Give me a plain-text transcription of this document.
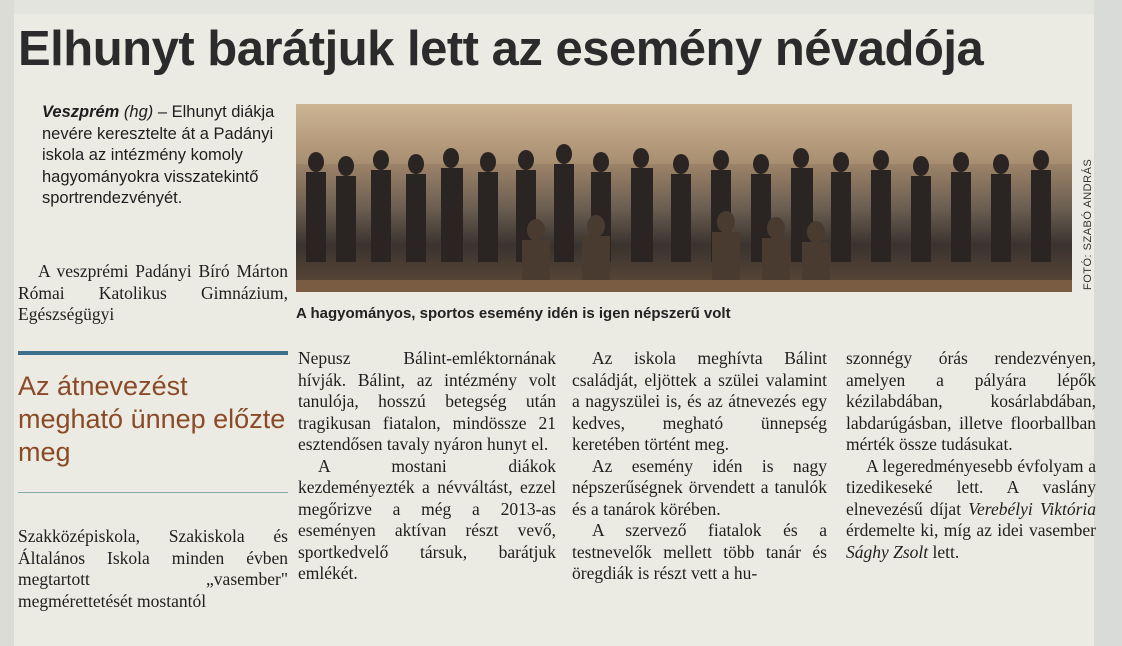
Elhunyt barátjuk lett az esemény névadója

Veszprém (hg) – Elhunyt diákja nevére keresztelte át a Padányi iskola az intézmény komoly hagyományokra visszatekintő sportrendezvényét.

A veszprémi Padányi Bíró Márton Római Katolikus Gimnázium, Egészségügyi

Az átnevezést megható ünnep előzte meg

Szakközépiskola, Szakiskola és Általános Iskola minden évben megtartott „vasember" megmérettetését mostantól

FOTÓ: SZABÓ ANDRÁS
A hagyományos, sportos esemény idén is igen népszerű volt

Nepusz Bálint-emléktornának hívják. Bálint, az intézmény volt tanulója, hosszú betegség után tragikusan fiatalon, mindössze 21 esztendősen tavaly nyáron hunyt el.

A mostani diákok kezdeményezték a névváltást, ezzel megőrizve a még a 2013-as eseményen aktívan részt vevő, sportkedvelő társuk, barátjuk emlékét.

Az iskola meghívta Bálint családját, eljöttek a szülei valamint a nagyszülei is, és az átnevezés egy kedves, megható ünnepség keretében történt meg.

Az esemény idén is nagy népszerűségnek örvendett a tanulók és a tanárok körében.

A szervező fiatalok és a testnevelők mellett több tanár és öregdiák is részt vett a hu-

szonnégy órás rendezvényen, amelyen a pályára lépők kézilabdában, kosárlabdában, labdarúgásban, illetve floorballban mérték össze tudásukat.

A legeredményesebb évfolyam a tizedikeseké lett. A vaslány elnevezésű díjat Verebélyi Viktória érdemelte ki, míg az idei vasember Sághy Zsolt lett.
